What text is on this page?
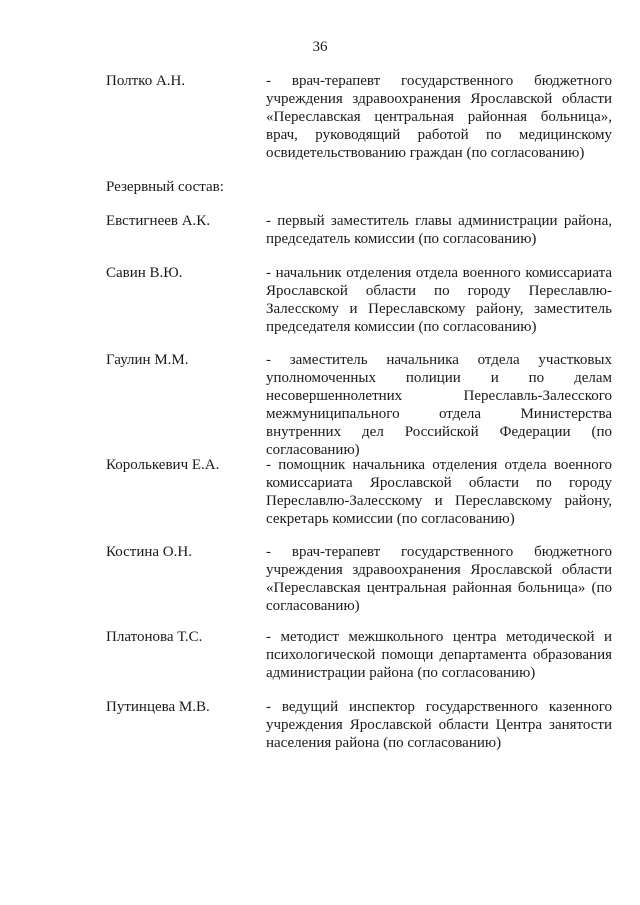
36
Полтко А.Н.	- врач-терапевт государственного бюджетного учреждения здравоохранения Ярославской области «Переславская центральная районная больница», врач, руководящий работой по медицинскому освидетельствованию граждан (по согласованию)
Резервный состав:
Евстигнеев А.К.	- первый заместитель главы администрации района, председатель комиссии (по согласованию)
Савин В.Ю.	- начальник отделения отдела военного комиссариата Ярославской области по городу Переславлю-Залесскому и Переславскому району, заместитель председателя комиссии (по согласованию)
Гаулин М.М.	- заместитель начальника отдела участковых уполномоченных полиции и по делам несовершеннолетних Переславль-Залесского межмуниципального отдела Министерства внутренних дел Российской Федерации (по согласованию)
Королькевич Е.А.	- помощник начальника отделения отдела военного комиссариата Ярославской области по городу Переславлю-Залесскому и Переславскому району, секретарь комиссии (по согласованию)
Костина О.Н.	- врач-терапевт государственного бюджетного учреждения здравоохранения Ярославской области «Переславская центральная районная больница» (по согласованию)
Платонова Т.С.	- методист межшкольного центра методической и психологической помощи департамента образования администрации района (по согласованию)
Путинцева М.В.	- ведущий инспектор государственного казенного учреждения Ярославской области Центра занятости населения района (по согласованию)
